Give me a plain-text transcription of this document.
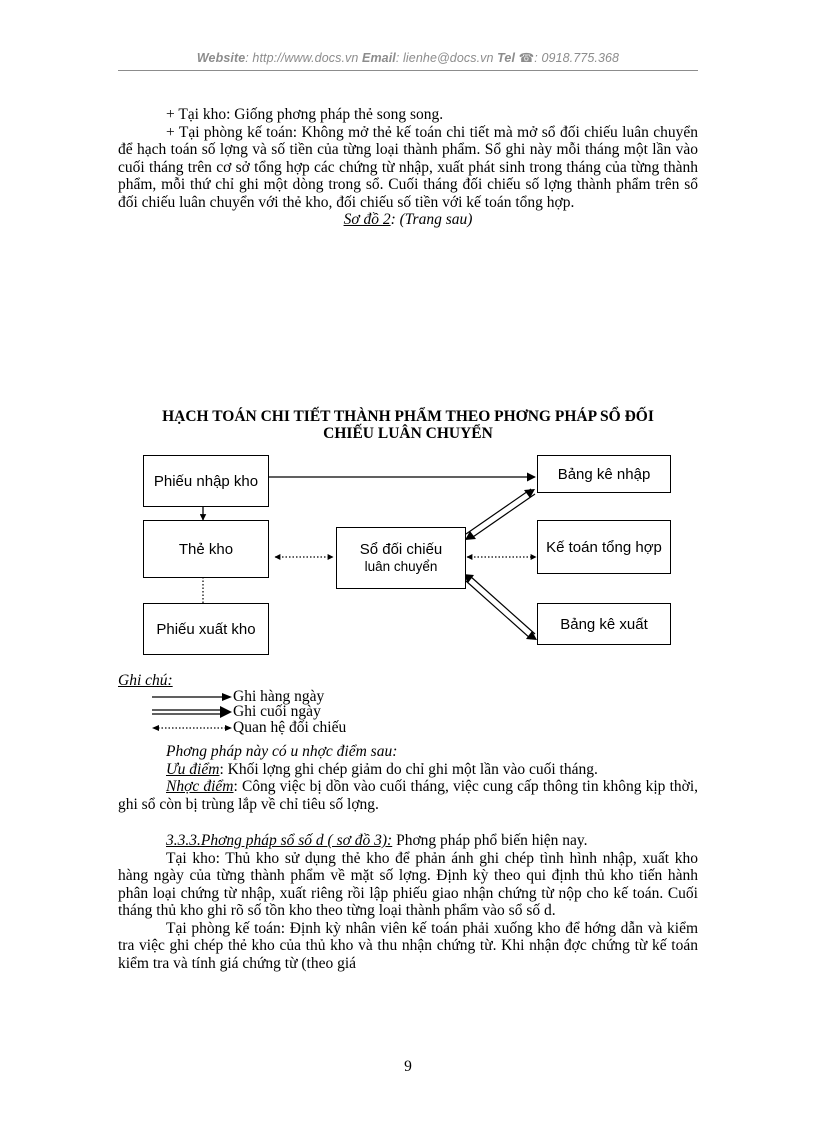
Website: http://www.docs.vn Email: lienhe@docs.vn Tel ☎: 0918.775.368

+ Tại kho: Giống phơng pháp thẻ song song.

+ Tại phòng kế toán: Không mở thẻ kế toán chi tiết mà mở sổ đối chiếu luân chuyển để hạch toán số lợng và số tiền của từng loại thành phẩm. Sổ ghi này mỗi tháng một lần vào cuối tháng trên cơ sở tổng hợp các chứng từ nhập, xuất phát sinh trong tháng của từng thành phẩm, mỗi thứ chỉ ghi một dòng trong sổ. Cuối tháng đối chiếu số lợng thành phẩm trên sổ đối chiếu luân chuyển với thẻ kho, đối chiếu số tiền với kế toán tổng hợp.

Sơ đồ 2: (Trang sau)

HẠCH TOÁN CHI TIẾT THÀNH PHẨM THEO PHƠNG PHÁP SỔ ĐỐI
CHIẾU LUÂN CHUYỂN
Phiếu nhập kho
Thẻ kho
Phiếu xuất kho
Sổ đối chiếu
luân chuyển
Bảng kê nhập
Kế toán tổng hợp
Bảng kê xuất
Ghi chú:
Ghi hàng ngày
Ghi cuối ngày
Quan hệ đối chiếu

Phơng pháp này có u nhợc điểm sau:

Ưu điểm: Khối lợng ghi chép giảm do chỉ ghi một lần vào cuối tháng.

Nhợc điểm: Công việc bị dồn vào cuối tháng, việc cung cấp thông tin không kịp thời, ghi sổ còn bị trùng lắp về chỉ tiêu số lợng.

3.3.3.Phơng pháp sổ số d ( sơ đồ 3): Phơng pháp phổ biến hiện nay.

Tại kho: Thủ kho sử dụng thẻ kho để phản ánh ghi chép tình hình nhập, xuất kho hàng ngày của từng thành phẩm về mặt số lợng. Định kỳ theo qui định thủ kho tiến hành phân loại chứng từ nhập, xuất riêng rồi lập phiếu giao nhận chứng từ nộp cho kế toán. Cuối tháng thủ kho ghi rõ số tồn kho theo từng loại thành phẩm vào sổ số d.

Tại phòng kế toán: Định kỳ nhân viên kế toán phải xuống kho để hớng dẫn và kiểm tra việc ghi chép thẻ kho của thủ kho và thu nhận chứng từ. Khi nhận đợc chứng từ kế toán kiểm tra và tính giá chứng từ (theo giá

9
